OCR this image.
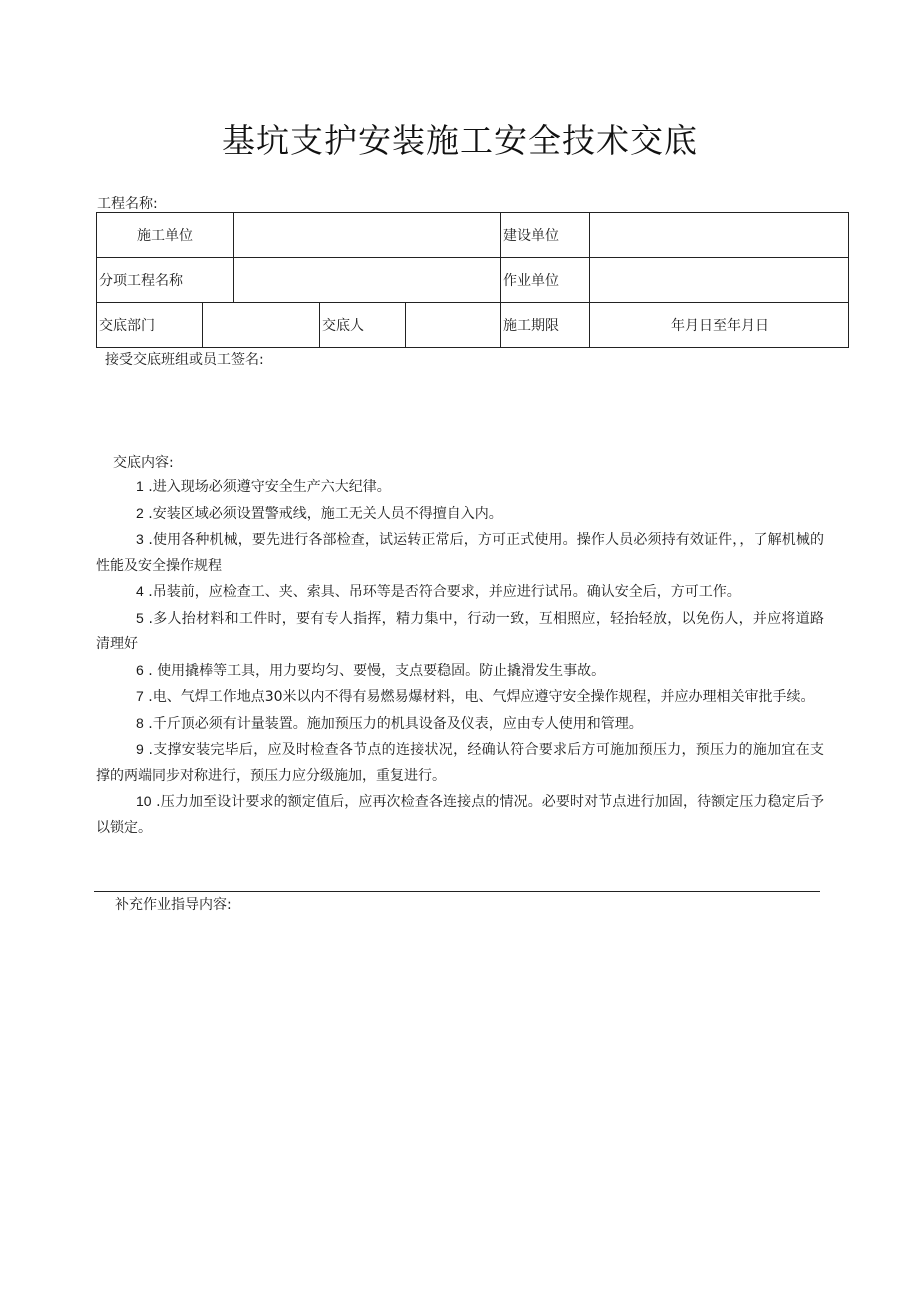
基坑支护安装施工安全技术交底
工程名称:
施工单位					建设单位	
分项工程名称					作业单位	
交底部门			交底人		施工期限	年月日至年月日
接受交底班组或员工签名:
交底内容:

1 .进入现场必须遵守安全生产六大纪律。

2 .安装区域必须设置警戒线，施工无关人员不得擅自入内。

3 .使用各种机械，要先进行各部检查，试运转正常后，方可正式使用。操作人员必须持有效证件，，了解机械的性能及安全操作规程

4 .吊装前，应检查工、夹、索具、吊环等是否符合要求，并应进行试吊。确认安全后，方可工作。

5 .多人抬材料和工件时，要有专人指挥，精力集中，行动一致，互相照应，轻抬轻放，以免伤人，并应将道路清理好

6 . 使用撬棒等工具，用力要均匀、要慢，支点要稳固。防止撬滑发生事故。

7 .电、气焊工作地点30米以内不得有易燃易爆材料，电、气焊应遵守安全操作规程，并应办理相关审批手续。

8 .千斤顶必须有计量装置。施加预压力的机具设备及仪表，应由专人使用和管理。

9 .支撑安装完毕后，应及时检查各节点的连接状况，经确认符合要求后方可施加预压力，预压力的施加宜在支撑的两端同步对称进行，预压力应分级施加，重复进行。

10 .压力加至设计要求的额定值后，应再次检查各连接点的情况。必要时对节点进行加固，待额定压力稳定后予以锁定。

补充作业指导内容:
